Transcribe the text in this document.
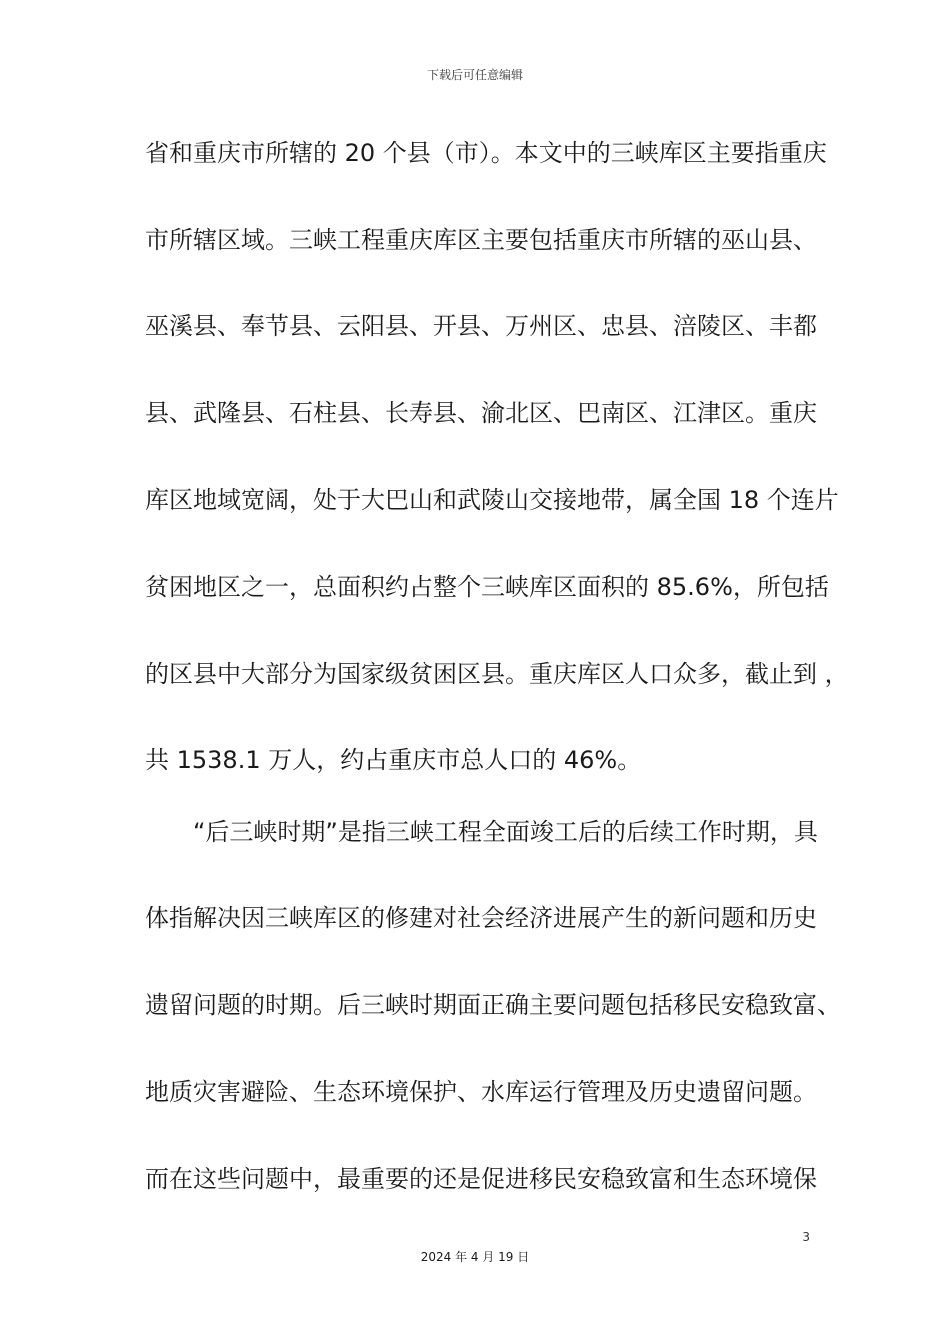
下载后可任意编辑
省和重庆市所辖的 20 个县（市）。本文中的三峡库区主要指重庆
市所辖区域。三峡工程重庆库区主要包括重庆市所辖的巫山县、
巫溪县、奉节县、云阳县、开县、万州区、忠县、涪陵区、丰都
县、武隆县、石柱县、长寿县、渝北区、巴南区、江津区。重庆
库区地域宽阔，处于大巴山和武陵山交接地带，属全国 18 个连片
贫困地区之一，总面积约占整个三峡库区面积的 85.6%，所包括
的区县中大部分为国家级贫困区县。重庆库区人口众多，截止到 ，
共 1538.1 万人，约占重庆市总人口的 46%。
“后三峡时期”是指三峡工程全面竣工后的后续工作时期，具
体指解决因三峡库区的修建对社会经济进展产生的新问题和历史
遗留问题的时期。后三峡时期面正确主要问题包括移民安稳致富、
地质灾害避险、生态环境保护、水库运行管理及历史遗留问题。
而在这些问题中，最重要的还是促进移民安稳致富和生态环境保
3
2024 年 4 月 19 日
